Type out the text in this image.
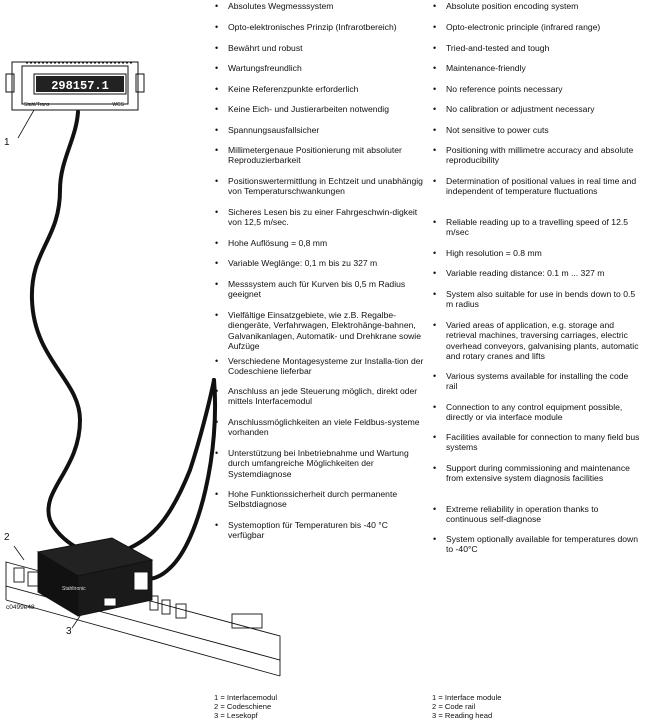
298157.1
Stahl/Trans	WCS
Stahltronic
1
2
3
c0499e48
• Absolutes Wegmesssystem
• Opto-elektronisches Prinzip (Infrarotbereich)
• Bewährt und robust
• Wartungsfreundlich
• Keine Referenzpunkte erforderlich
• Keine Eich- und Justierarbeiten notwendig
• Spannungsausfallsicher
• Millimetergenaue Positionierung mit absoluter Reproduzierbarkeit
• Positionswertermittlung in Echtzeit und unabhängig von Temperaturschwankungen
• Sicheres Lesen bis zu einer Fahrgeschwin-digkeit von 12,5 m/sec.
• Hohe Auflösung = 0,8 mm
• Variable Weglänge: 0,1 m bis zu 327 m
• Messsystem auch für Kurven bis 0,5 m Radius geeignet
• Vielfältige Einsatzgebiete, wie z.B. Regalbe-diengeräte, Verfahrwagen, Elektrohänge-bahnen, Galvanikanlagen, Automatik- und Drehkrane sowie Aufzüge
• Verschiedene Montagesysteme zur Installa-tion der Codeschiene lieferbar
• Anschluss an jede Steuerung möglich, direkt oder mittels Interfacemodul
• Anschlussmöglichkeiten an viele Feldbus-systeme vorhanden
• Unterstützung bei Inbetriebnahme und Wartung durch umfangreiche Möglichkeiten der Systemdiagnose
• Hohe Funktionssicherheit durch permanente Selbstdiagnose
• Systemoption für Temperaturen bis -40 °C verfügbar
• Absolute position encoding system
• Opto-electronic principle (infrared range)
• Tried-and-tested and tough
• Maintenance-friendly
• No reference points necessary
• No calibration or adjustment necessary
• Not sensitive to power cuts
• Positioning with millimetre accuracy and absolute reproducibility
• Determination of positional values in real time and independent of temperature fluctuations
• Reliable reading up to a travelling speed of 12.5 m/sec
• High resolution = 0.8 mm
• Variable reading distance: 0.1 m ... 327 m
• System also suitable for use in bends down to 0.5 m radius
• Varied areas of application, e.g. storage and retrieval machines, traversing carriages, electric overhead conveyors, galvanising plants, automatic and rotary cranes and lifts
• Various systems available for installing the code rail
• Connection to any control equipment possible, directly or via interface module
• Facilities available for connection to many field bus systems
• Support during commissioning and maintenance from extensive system diagnosis facilities
• Extreme reliability in operation thanks to continuous self-diagnose
• System optionally available for temperatures down to -40°C
1 = Interfacemodul
2 = Codeschiene
3 = Lesekopf
1 = Interface module
2 = Code rail
3 = Reading head
